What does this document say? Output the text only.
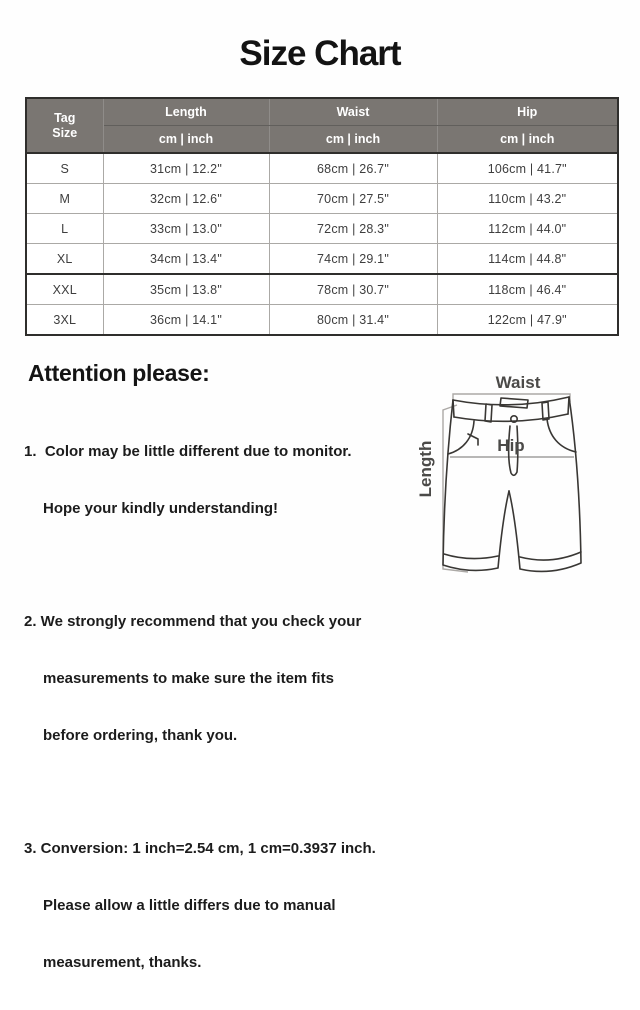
Size Chart
Tag
Size	Length	Waist	Hip
	cm | inch	cm | inch	cm | inch
S	31cm | 12.2"	68cm | 26.7"	106cm | 41.7"
M	32cm | 12.6"	70cm | 27.5"	110cm | 43.2"
L	33cm | 13.0"	72cm | 28.3"	112cm | 44.0"
XL	34cm | 13.4"	74cm | 29.1"	114cm | 44.8"
XXL	35cm | 13.8"	78cm | 30.7"	118cm | 46.4"
3XL	36cm | 14.1"	80cm | 31.4"	122cm | 47.9"
Attention please:

1.  Color may be little different due to monitor.

Hope your kindly understanding!

2. We strongly recommend that you check your

measurements to make sure the item fits

before ordering, thank you.

3. Conversion: 1 inch=2.54 cm, 1 cm=0.3937 inch.

Please allow a little differs due to manual

measurement, thanks.

Waist
Hip
Length
